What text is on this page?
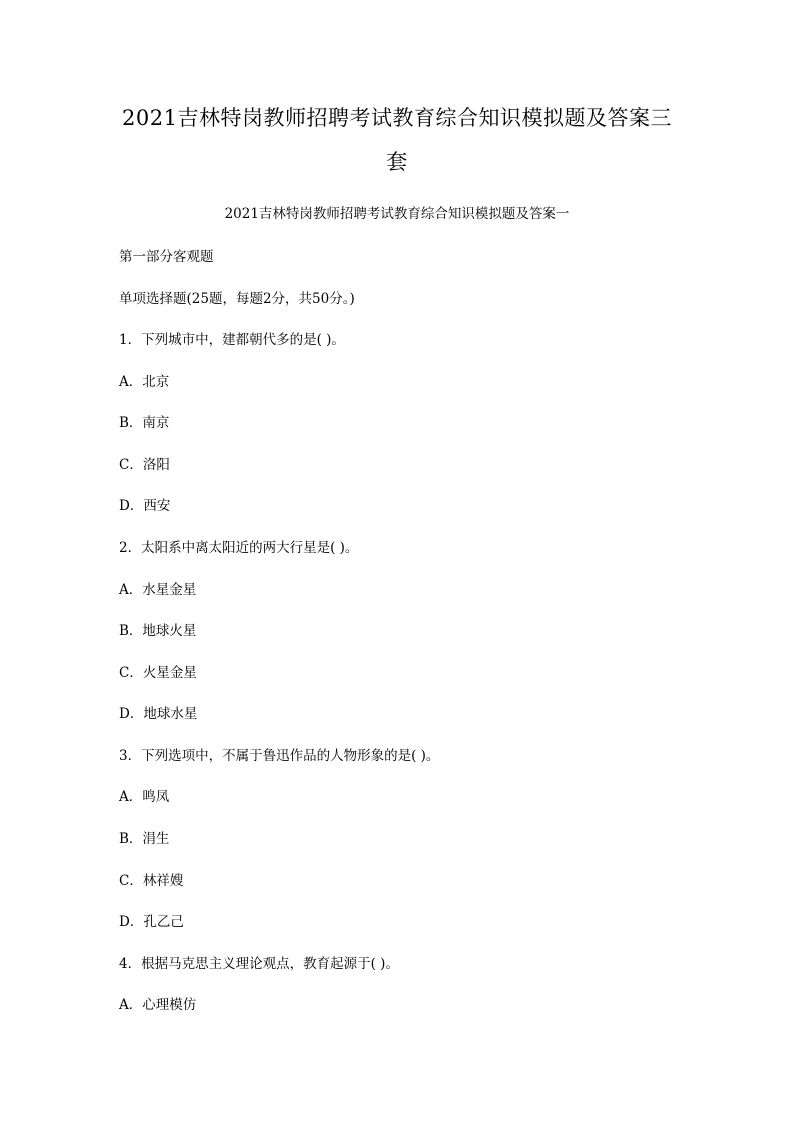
2021吉林特岗教师招聘考试教育综合知识模拟题及答案三
套
2021吉林特岗教师招聘考试教育综合知识模拟题及答案一

第一部分客观题

单项选择题(25题，每题2分，共50分。)

1．下列城市中，建都朝代多的是( )。

A．北京

B．南京

C．洛阳

D．西安

2．太阳系中离太阳近的两大行星是( )。

A．水星金星

B．地球火星

C．火星金星

D．地球水星

3．下列选项中，不属于鲁迅作品的人物形象的是( )。

A．鸣凤

B．涓生

C．林祥嫂

D．孔乙己

4．根据马克思主义理论观点，教育起源于( )。

A．心理模仿
